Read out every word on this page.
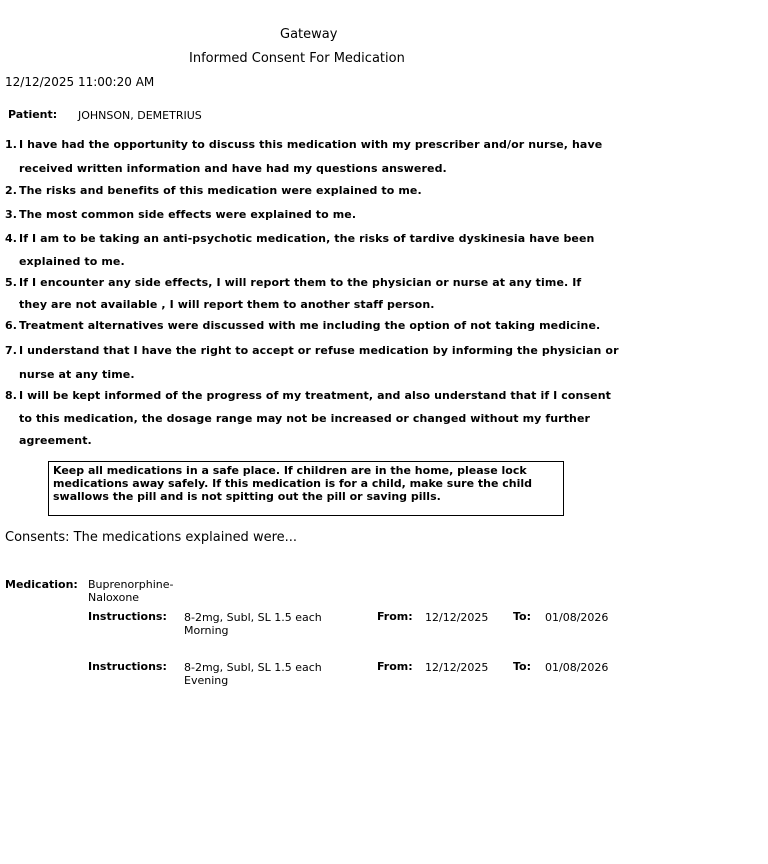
Gateway
Informed Consent For Medication
12/12/2025 11:00:20 AM
Patient: JOHNSON, DEMETRIUS
1. I have had the opportunity to discuss this medication with my prescriber and/or nurse, have
received written information and have had my questions answered.
2. The risks and benefits of this medication were explained to me.
3. The most common side effects were explained to me.
4. If I am to be taking an anti-psychotic medication, the risks of tardive dyskinesia have been
explained to me.
5. If I encounter any side effects, I will report them to the physician or nurse at any time. If
they are not available , I will report them to another staff person.
6. Treatment alternatives were discussed with me including the option of not taking medicine.
7. I understand that I have the right to accept or refuse medication by informing the physician or
nurse at any time.
8. I will be kept informed of the progress of my treatment, and also understand that if I consent
to this medication, the dosage range may not be increased or changed without my further
agreement.
Keep all medications in a safe place. If children are in the home, please lock
medications away safely. If this medication is for a child, make sure the child
swallows the pill and is not spitting out the pill or saving pills.
Consents: The medications explained were...
Medication: Buprenorphine-
Naloxone
Instructions: 8-2mg, Subl, SL 1.5 each
Morning
From: 12/12/2025 To: 01/08/2026
Instructions: 8-2mg, Subl, SL 1.5 each
Evening
From: 12/12/2025 To: 01/08/2026
